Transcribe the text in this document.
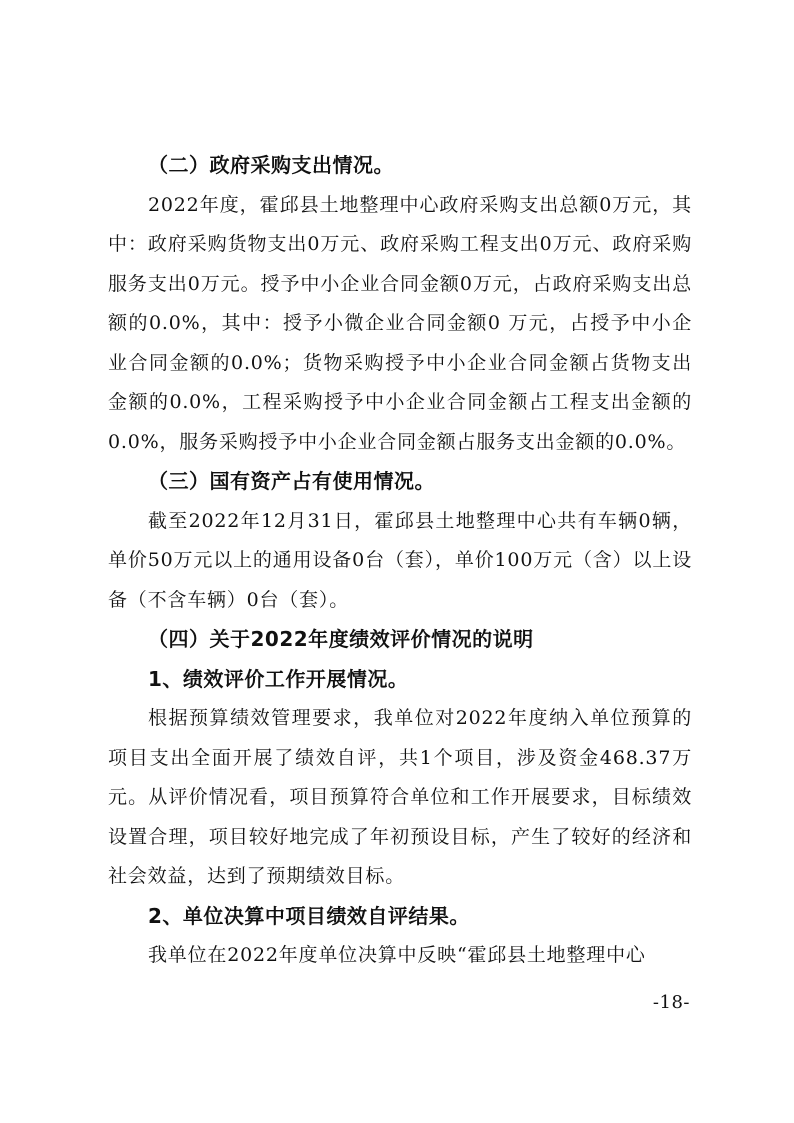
（二）政府采购支出情况。

2022年度，霍邱县土地整理中心政府采购支出总额0万元，其中：政府采购货物支出0万元、政府采购工程支出0万元、政府采购服务支出0万元。授予中小企业合同金额0万元，占政府采购支出总额的0.0%，其中：授予小微企业合同金额0 万元，占授予中小企业合同金额的0.0%；货物采购授予中小企业合同金额占货物支出金额的0.0%，工程采购授予中小企业合同金额占工程支出金额的0.0%，服务采购授予中小企业合同金额占服务支出金额的0.0%。

（三）国有资产占有使用情况。

截至2022年12月31日，霍邱县土地整理中心共有车辆0辆，单价50万元以上的通用设备0台（套），单价100万元（含）以上设备（不含车辆）0台（套）。

（四）关于2022年度绩效评价情况的说明
1、绩效评价工作开展情况。

根据预算绩效管理要求，我单位对2022年度纳入单位预算的项目支出全面开展了绩效自评，共1个项目，涉及资金468.37万元。从评价情况看，项目预算符合单位和工作开展要求，目标绩效设置合理，项目较好地完成了年初预设目标，产生了较好的经济和社会效益，达到了预期绩效目标。

2、单位决算中项目绩效自评结果。

我单位在2022年度单位决算中反映“霍邱县土地整理中心

-18-
